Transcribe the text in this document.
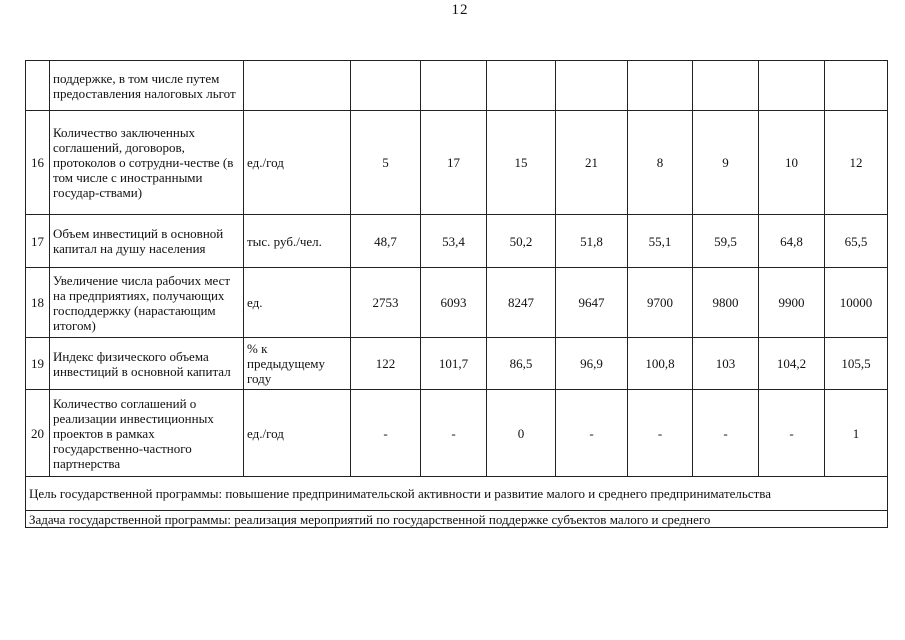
12
	поддержке, в том числе путем предоставления налоговых льгот									
16	Количество заключенных соглашений, договоров, протоколов о сотрудни-честве (в том числе с иностранными государ-ствами)	ед./год	5	17	15	21	8	9	10	12
17	Объем инвестиций в основной капитал на душу населения	тыс. руб./чел.	48,7	53,4	50,2	51,8	55,1	59,5	64,8	65,5
18	Увеличение числа рабочих мест на предприятиях, получающих господдержку (нарастающим итогом)	ед.	2753	6093	8247	9647	9700	9800	9900	10000
19	Индекс физического объема инвестиций в основной капитал	% к предыдущему году	122	101,7	86,5	96,9	100,8	103	104,2	105,5
20	Количество соглашений о реализации инвестиционных проектов в рамках государственно-частного партнерства	ед./год	-	-	0	-	-	-	-	1
Цель государственной программы: повышение предпринимательской активности и развитие малого и среднего предпринимательства										
Задача государственной программы: реализация мероприятий по государственной поддержке субъектов малого и среднего										
